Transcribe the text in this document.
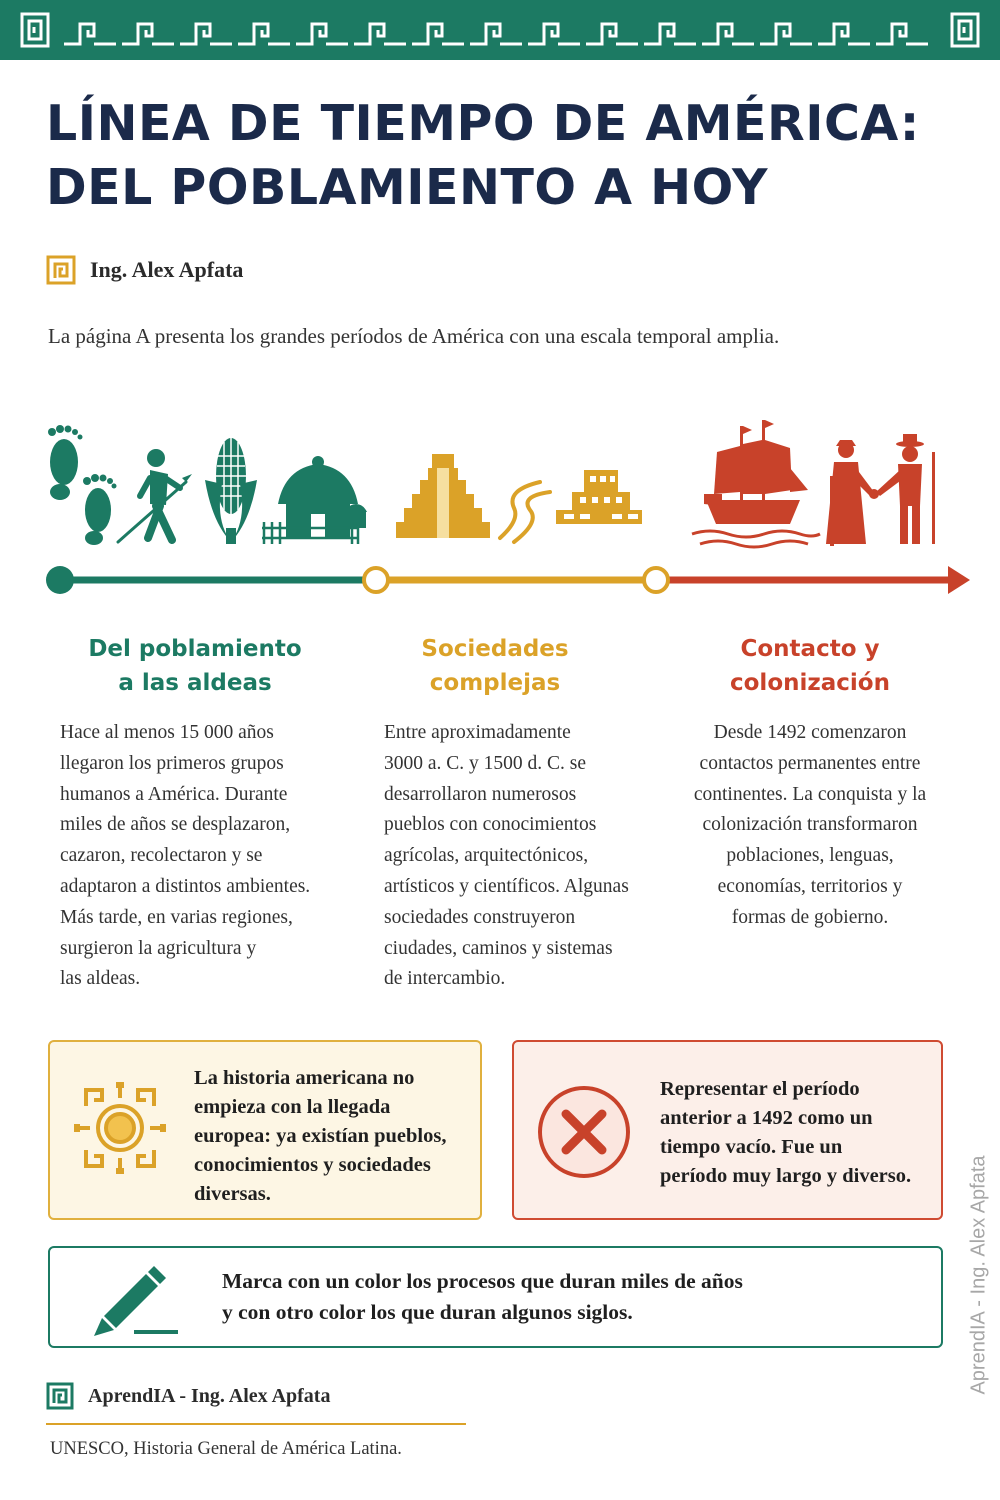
LÍNEA DE TIEMPO DE AMÉRICA:
DEL POBLAMIENTO A HOY
Ing. Alex Apfata
La página A presenta los grandes períodos de América con una escala temporal amplia.
Del poblamiento
a las aldeas

Hace al menos 15 000 años
llegaron los primeros grupos
humanos a América. Durante
miles de años se desplazaron,
cazaron, recolectaron y se
adaptaron a distintos ambientes.
Más tarde, en varias regiones,
surgieron la agricultura y
las aldeas.

Sociedades
complejas

Entre aproximadamente
3000 a. C. y 1500 d. C. se
desarrollaron numerosos
pueblos con conocimientos
agrícolas, arquitectónicos,
artísticos y científicos. Algunas
sociedades construyeron
ciudades, caminos y sistemas
de intercambio.

Contacto y
colonización

Desde 1492 comenzaron
contactos permanentes entre
continentes. La conquista y la
colonización transformaron
poblaciones, lenguas,
economías, territorios y
formas de gobierno.

La historia americana no
empieza con la llegada
europea: ya existían pueblos,
conocimientos y sociedades
diversas.
Representar el período
anterior a 1492 como un
tiempo vacío. Fue un
período muy largo y diverso.
Marca con un color los procesos que duran miles de años
y con otro color los que duran algunos siglos.
AprendIA - Ing. Alex Apfata
UNESCO, Historia General de América Latina.
AprendIA - Ing. Alex Apfata
